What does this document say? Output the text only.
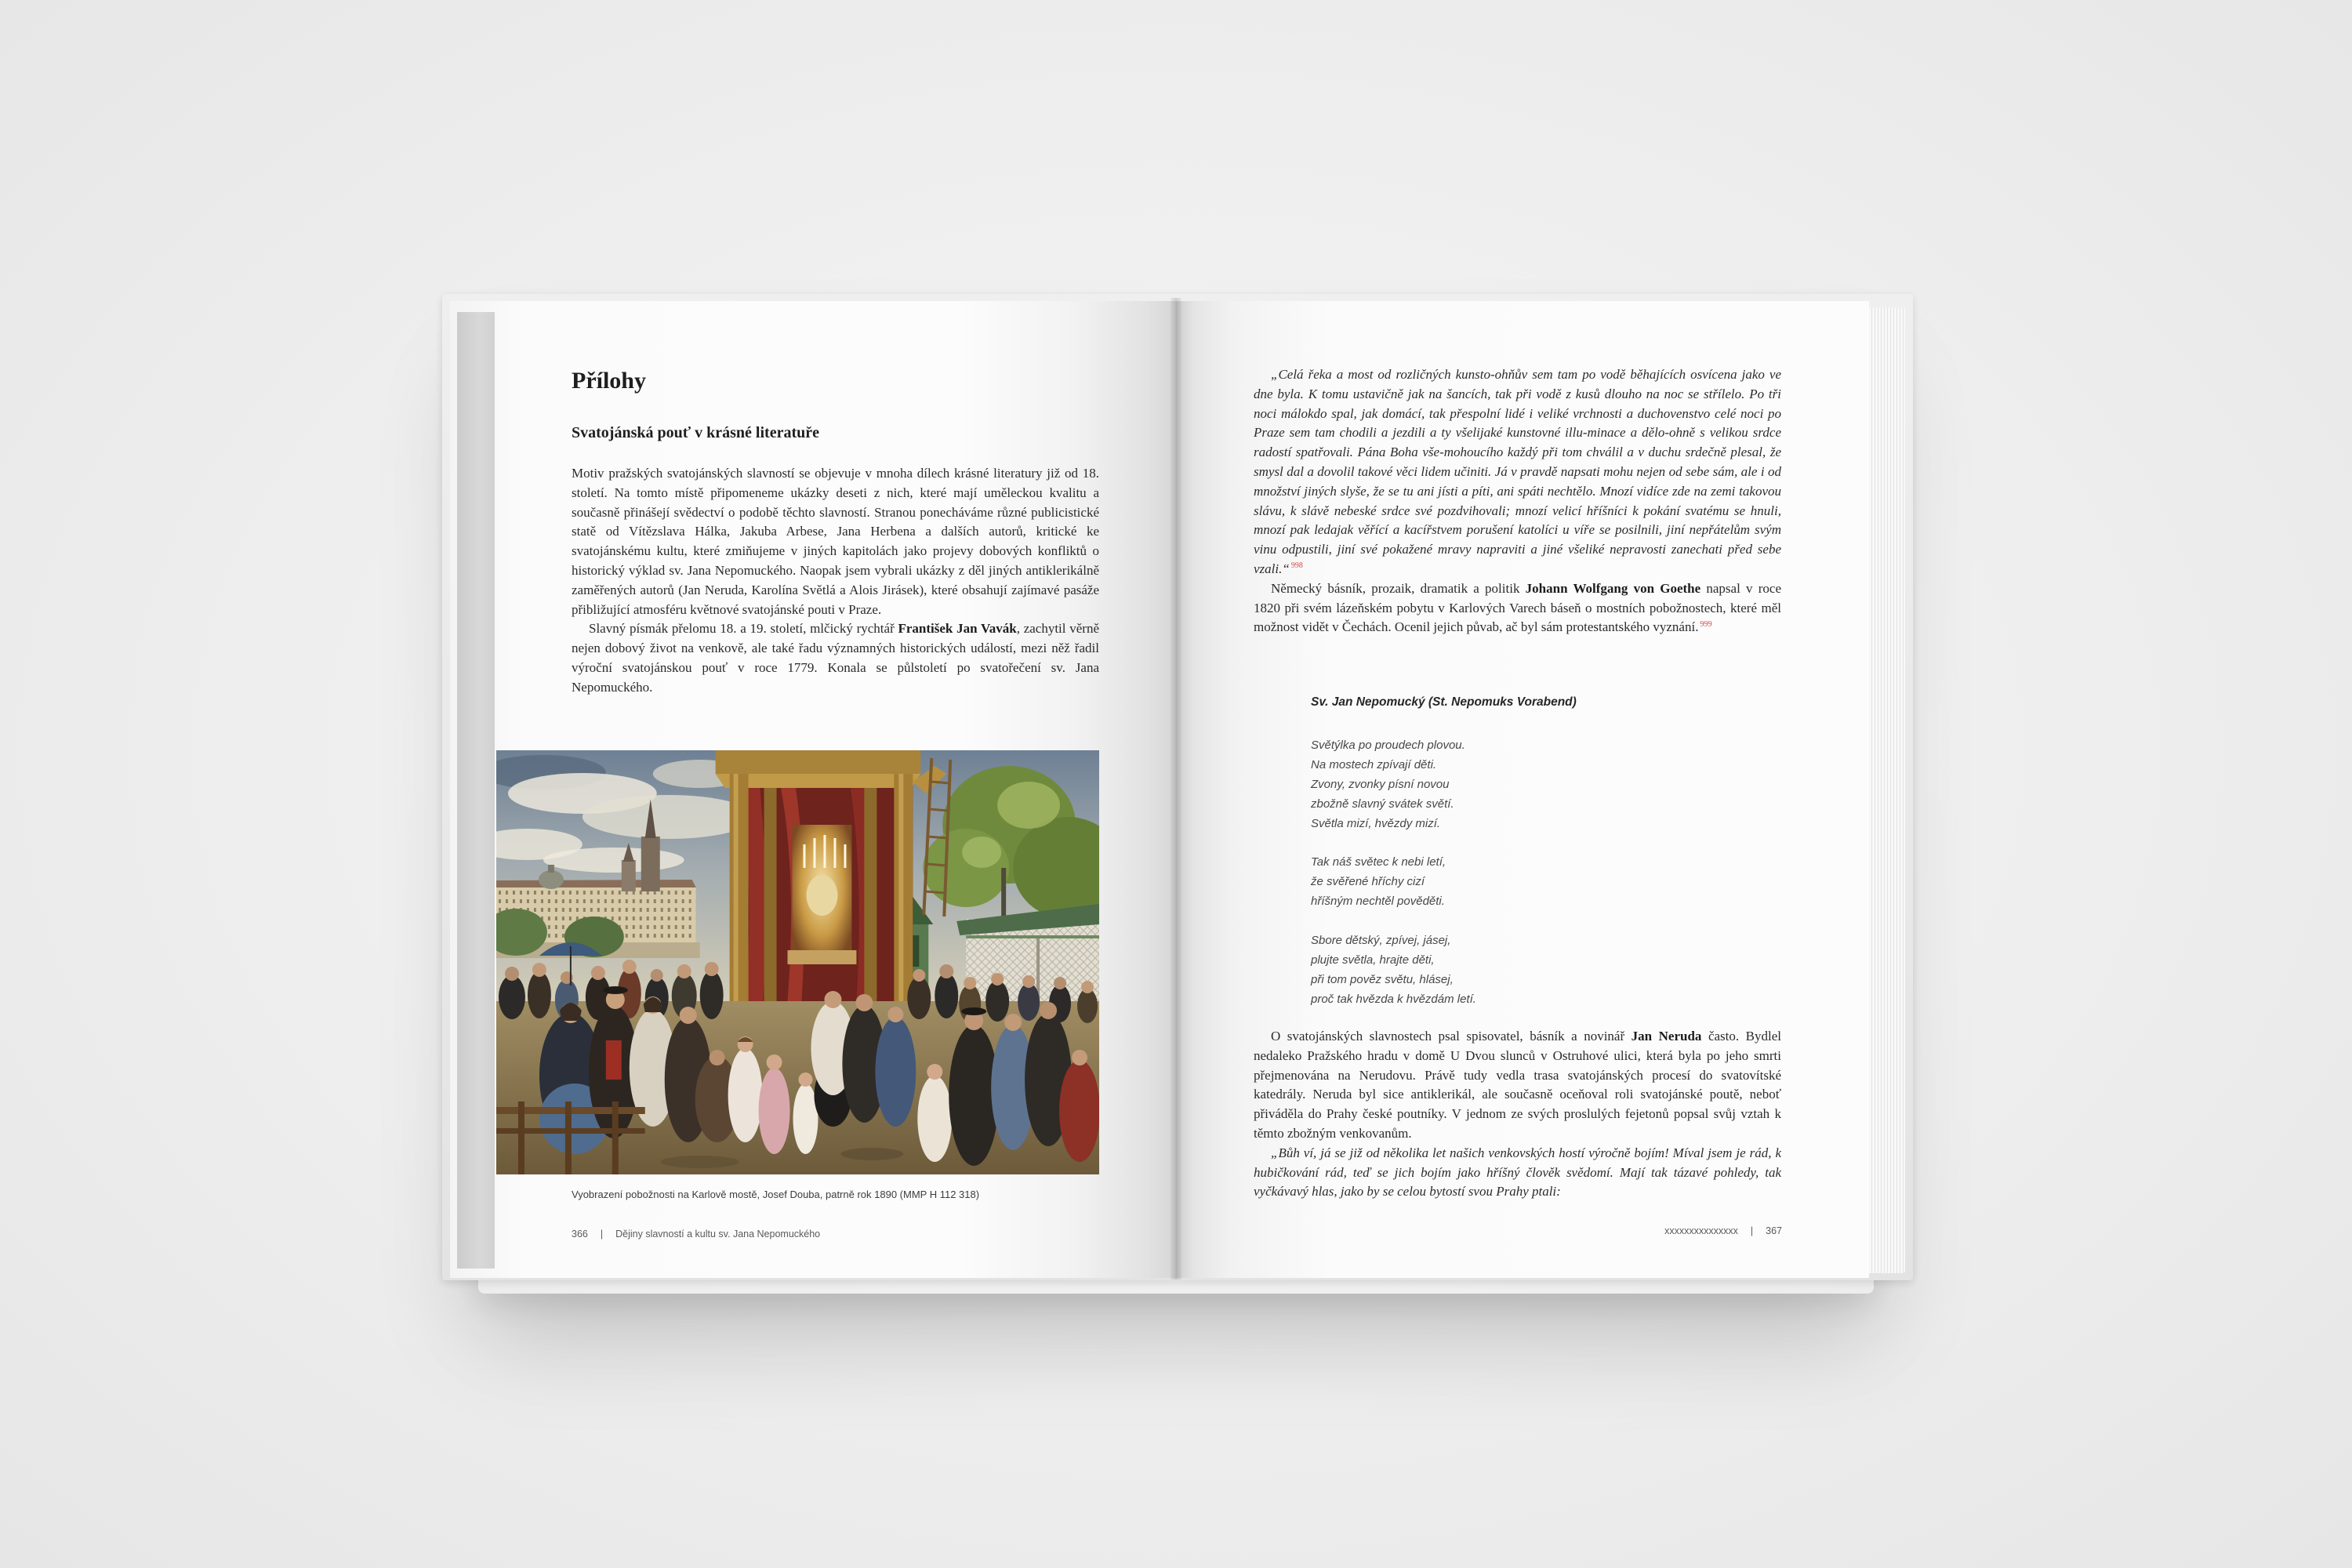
Přílohy
Svatojánská pouť v krásné literatuře

Motiv pražských svatojánských slavností se objevuje v mnoha dílech krásné literatury již od 18. století. Na tomto místě připomeneme ukázky deseti z nich, které mají uměleckou kvalitu a současně přinášejí svědectví o podobě těchto slavností. Stranou ponecháváme různé publicistické statě od Vítězslava Hálka, Jakuba Arbese, Jana Herbena a dalších autorů, kritické ke svatojánskému kultu, které zmiňujeme v jiných kapitolách jako projevy dobových konfliktů o historický výklad sv. Jana Nepomuckého. Naopak jsem vybrali ukázky z děl jiných antiklerikálně zaměřených autorů (Jan Neruda, Karolína Světlá a Alois Jirásek), které obsahují zajímavé pasáže přibližující atmosféru květnové svatojánské pouti v Praze.

Slavný písmák přelomu 18. a 19. století, mlčický rychtář František Jan Vavák, zachytil věrně nejen dobový život na venkově, ale také řadu významných historických událostí, mezi něž řadil výroční svatojánskou pouť v roce 1779. Konala se půlstoletí po svatořečení sv. Jana Nepomuckého.

Vyobrazení pobožnosti na Karlově mostě, Josef Douba, patrně rok 1890 (MMP H 112 318)
366 | Dějiny slavností a kultu sv. Jana Nepomuckého

„Celá řeka a most od rozličných kunsto-ohňův sem tam po vodě běhajících osvícena jako ve dne byla. K tomu ustavičně jak na šancích, tak při vodě z kusů dlouho na noc se střílelo. Po tři noci málokdo spal, jak domácí, tak přespolní lidé i veliké vrchnosti a duchovenstvo celé noci po Praze sem tam chodili a jezdili a ty všelijaké kunstovné illu-minace a dělo-ohně s velikou srdce radostí spatřovali. Pána Boha vše-mohoucího každý při tom chválil a v duchu srdečně plesal, že smysl dal a dovolil takové věci lidem učiniti. Já v pravdě napsati mohu nejen od sebe sám, ale i od množství jiných slyše, že se tu ani jísti a píti, ani spáti nechtělo. Mnozí vidíce zde na zemi takovou slávu, k slávě nebeské srdce své pozdvihovali; mnozí velicí hříšníci k pokání svatému se hnuli, mnozí pak ledajak věřící a kacířstvem porušení katolíci u víře se posilnili, jiní nepřátelům svým vinu odpustili, jiní své pokažené mravy napraviti a jiné všeliké nepravosti zanechati před sebe vzali.“ $^{998}$

Německý básník, prozaik, dramatik a politik Johann Wolfgang von Goethe napsal v roce 1820 při svém lázeňském pobytu v Karlových Varech báseň o mostních pobožnostech, které měl možnost vidět v Čechách. Ocenil jejich půvab, ač byl sám protestantského vyznání. $^{999}$

Sv. Jan Nepomucký (St. Nepomuks Vorabend)
Světýlka po proudech plovou.
Na mostech zpívají děti.
Zvony, zvonky písní novou
zbožně slavný svátek světí.
Světla mizí, hvězdy mizí.
Tak náš světec k nebi letí,
že svěřené hříchy cizí
hříšným nechtěl pověděti.
Sbore dětský, zpívej, jásej,
plujte světla, hrajte děti,
při tom pověz světu, hlásej,
proč tak hvězda k hvězdám letí.

O svatojánských slavnostech psal spisovatel, básník a novinář Jan Neruda často. Bydlel nedaleko Pražského hradu v domě U Dvou slunců v Ostruhové ulici, která byla po jeho smrti přejmenována na Nerudovu. Právě tudy vedla trasa svatojánských procesí do svatovítské katedrály. Neruda byl sice antiklerikál, ale současně oceňoval roli svatojánské poutě, neboť přiváděla do Prahy české poutníky. V jednom ze svých proslulých fejetonů popsal svůj vztah k těmto zbožným venkovanům.

„Bůh ví, já se již od několika let našich venkovských hostí výročně bojím! Míval jsem je rád, k hubičkování rád, teď se jich bojím jako hříšný člověk svědomí. Mají tak tázavé pohledy, tak vyčkávavý hlas, jako by se celou bytostí svou Prahy ptali:

xxxxxxxxxxxxxxx | 367
